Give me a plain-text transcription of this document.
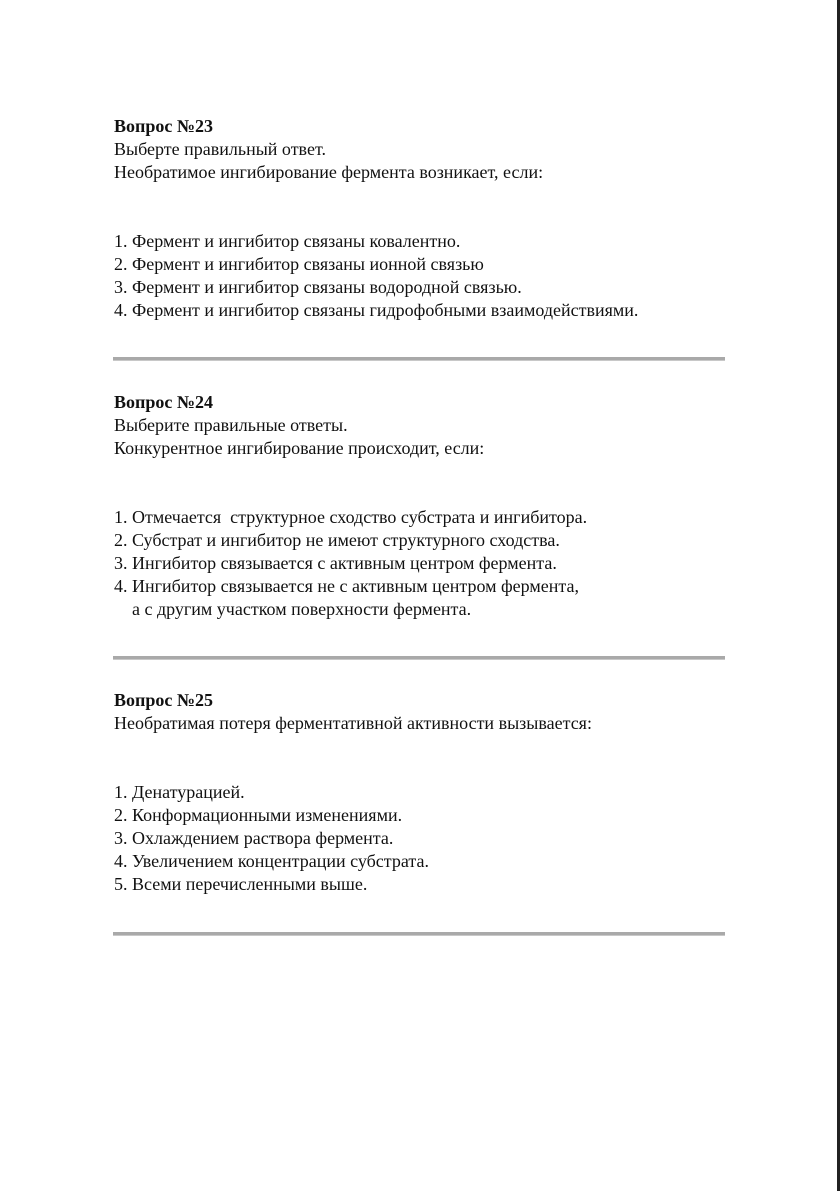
Вопрос №23

Выберте правильный ответ.

Необратимое ингибирование фермента возникает, если:

1. Фермент и ингибитор связаны ковалентно.
2. Фермент и ингибитор связаны ионной связью
3. Фермент и ингибитор связаны водородной связью.
4. Фермент и ингибитор связаны гидрофобными взаимодействиями.

Вопрос №24

Выберите правильные ответы.

Конкурентное ингибирование происходит, если:

1. Отмечается  структурное сходство субстрата и ингибитора.
2. Субстрат и ингибитор не имеют структурного сходства.
3. Ингибитор связывается с активным центром фермента.
4. Ингибитор связывается не с активным центром фермента,
а с другим участком поверхности фермента.

Вопрос №25

Необратимая потеря ферментативной активности вызывается:

1. Денатурацией.
2. Конформационными изменениями.
3. Охлаждением раствора фермента.
4. Увеличением концентрации субстрата.
5. Всеми перечисленными выше.
